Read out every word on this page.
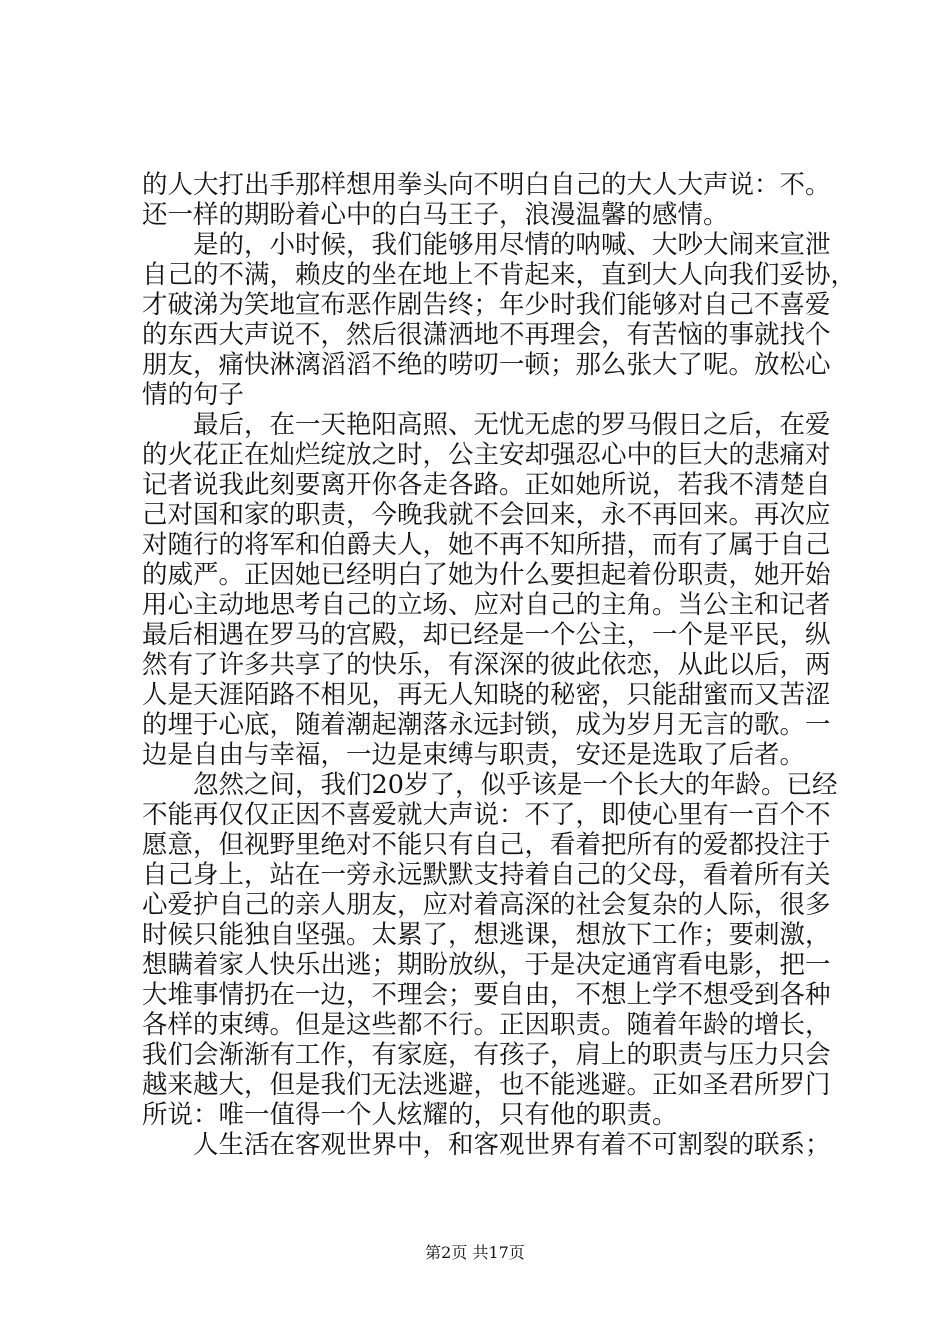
的人大打出手那样想用拳头向不明白自己的大人大声说：不。
还一样的期盼着心中的白马王子，浪漫温馨的感情。
　　是的，小时候，我们能够用尽情的呐喊、大吵大闹来宣泄
自己的不满，赖皮的坐在地上不肯起来，直到大人向我们妥协，
才破涕为笑地宣布恶作剧告终；年少时我们能够对自己不喜爱
的东西大声说不，然后很潇洒地不再理会，有苦恼的事就找个
朋友，痛快淋漓滔滔不绝的唠叨一顿；那么张大了呢。放松心
情的句子
　　最后，在一天艳阳高照、无忧无虑的罗马假日之后，在爱
的火花正在灿烂绽放之时，公主安却强忍心中的巨大的悲痛对
记者说我此刻要离开你各走各路。正如她所说，若我不清楚自
己对国和家的职责，今晚我就不会回来，永不再回来。再次应
对随行的将军和伯爵夫人，她不再不知所措，而有了属于自己
的威严。正因她已经明白了她为什么要担起着份职责，她开始
用心主动地思考自己的立场、应对自己的主角。当公主和记者
最后相遇在罗马的宫殿，却已经是一个公主，一个是平民，纵
然有了许多共享了的快乐，有深深的彼此依恋，从此以后，两
人是天涯陌路不相见，再无人知晓的秘密，只能甜蜜而又苦涩
的埋于心底，随着潮起潮落永远封锁，成为岁月无言的歌。一
边是自由与幸福，一边是束缚与职责，安还是选取了后者。
　　忽然之间，我们20岁了，似乎该是一个长大的年龄。已经
不能再仅仅正因不喜爱就大声说：不了，即使心里有一百个不
愿意，但视野里绝对不能只有自己，看着把所有的爱都投注于
自己身上，站在一旁永远默默支持着自己的父母，看着所有关
心爱护自己的亲人朋友，应对着高深的社会复杂的人际，很多
时候只能独自坚强。太累了，想逃课，想放下工作；要刺激，
想瞒着家人快乐出逃；期盼放纵，于是决定通宵看电影，把一
大堆事情扔在一边，不理会；要自由，不想上学不想受到各种
各样的束缚。但是这些都不行。正因职责。随着年龄的增长，
我们会渐渐有工作，有家庭，有孩子，肩上的职责与压力只会
越来越大，但是我们无法逃避，也不能逃避。正如圣君所罗门
所说：唯一值得一个人炫耀的，只有他的职责。
　　人生活在客观世界中，和客观世界有着不可割裂的联系；
第2页 共17页
